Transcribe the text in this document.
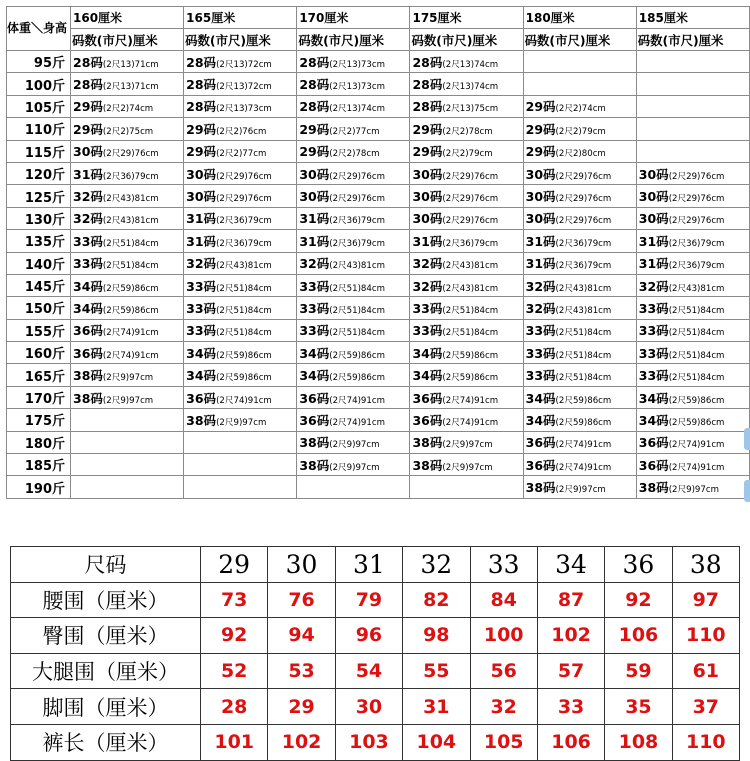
体重＼身高	160厘米	165厘米	170厘米	175厘米	180厘米	185厘米
	码数(市尺)厘米	码数(市尺)厘米	码数(市尺)厘米	码数(市尺)厘米	码数(市尺)厘米	码数(市尺)厘米
95斤	28码(2尺13)71cm	28码(2尺13)72cm	28码(2尺13)73cm	28码(2尺13)74cm		
100斤	28码(2尺13)71cm	28码(2尺13)72cm	28码(2尺13)73cm	28码(2尺13)74cm		
105斤	29码(2尺2)74cm	28码(2尺13)73cm	28码(2尺13)74cm	28码(2尺13)75cm	29码(2尺2)74cm	
110斤	29码(2尺2)75cm	29码(2尺2)76cm	29码(2尺2)77cm	29码(2尺2)78cm	29码(2尺2)79cm	
115斤	30码(2尺29)76cm	29码(2尺2)77cm	29码(2尺2)78cm	29码(2尺2)79cm	29码(2尺2)80cm	
120斤	31码(2尺36)79cm	30码(2尺29)76cm	30码(2尺29)76cm	30码(2尺29)76cm	30码(2尺29)76cm	30码(2尺29)76cm
125斤	32码(2尺43)81cm	30码(2尺29)76cm	30码(2尺29)76cm	30码(2尺29)76cm	30码(2尺29)76cm	30码(2尺29)76cm
130斤	32码(2尺43)81cm	31码(2尺36)79cm	31码(2尺36)79cm	30码(2尺29)76cm	30码(2尺29)76cm	30码(2尺29)76cm
135斤	33码(2尺51)84cm	31码(2尺36)79cm	31码(2尺36)79cm	31码(2尺36)79cm	31码(2尺36)79cm	31码(2尺36)79cm
140斤	33码(2尺51)84cm	32码(2尺43)81cm	32码(2尺43)81cm	32码(2尺43)81cm	31码(2尺36)79cm	31码(2尺36)79cm
145斤	34码(2尺59)86cm	33码(2尺51)84cm	33码(2尺51)84cm	32码(2尺43)81cm	32码(2尺43)81cm	32码(2尺43)81cm
150斤	34码(2尺59)86cm	33码(2尺51)84cm	33码(2尺51)84cm	33码(2尺51)84cm	32码(2尺43)81cm	33码(2尺51)84cm
155斤	36码(2尺74)91cm	33码(2尺51)84cm	33码(2尺51)84cm	33码(2尺51)84cm	33码(2尺51)84cm	33码(2尺51)84cm
160斤	36码(2尺74)91cm	34码(2尺59)86cm	34码(2尺59)86cm	34码(2尺59)86cm	33码(2尺51)84cm	33码(2尺51)84cm
165斤	38码(2尺9)97cm	34码(2尺59)86cm	34码(2尺59)86cm	34码(2尺59)86cm	33码(2尺51)84cm	33码(2尺51)84cm
170斤	38码(2尺9)97cm	36码(2尺74)91cm	36码(2尺74)91cm	36码(2尺74)91cm	34码(2尺59)86cm	34码(2尺59)86cm
175斤		38码(2尺9)97cm	36码(2尺74)91cm	36码(2尺74)91cm	34码(2尺59)86cm	34码(2尺59)86cm
180斤			38码(2尺9)97cm	38码(2尺9)97cm	36码(2尺74)91cm	36码(2尺74)91cm
185斤			38码(2尺9)97cm	38码(2尺9)97cm	36码(2尺74)91cm	36码(2尺74)91cm
190斤					38码(2尺9)97cm	38码(2尺9)97cm
尺码	29	30	31	32	33	34	36	38
腰围（厘米）	73	76	79	82	84	87	92	97
臀围（厘米）	92	94	96	98	100	102	106	110
大腿围（厘米）	52	53	54	55	56	57	59	61
脚围（厘米）	28	29	30	31	32	33	35	37
裤长（厘米）	101	102	103	104	105	106	108	110
